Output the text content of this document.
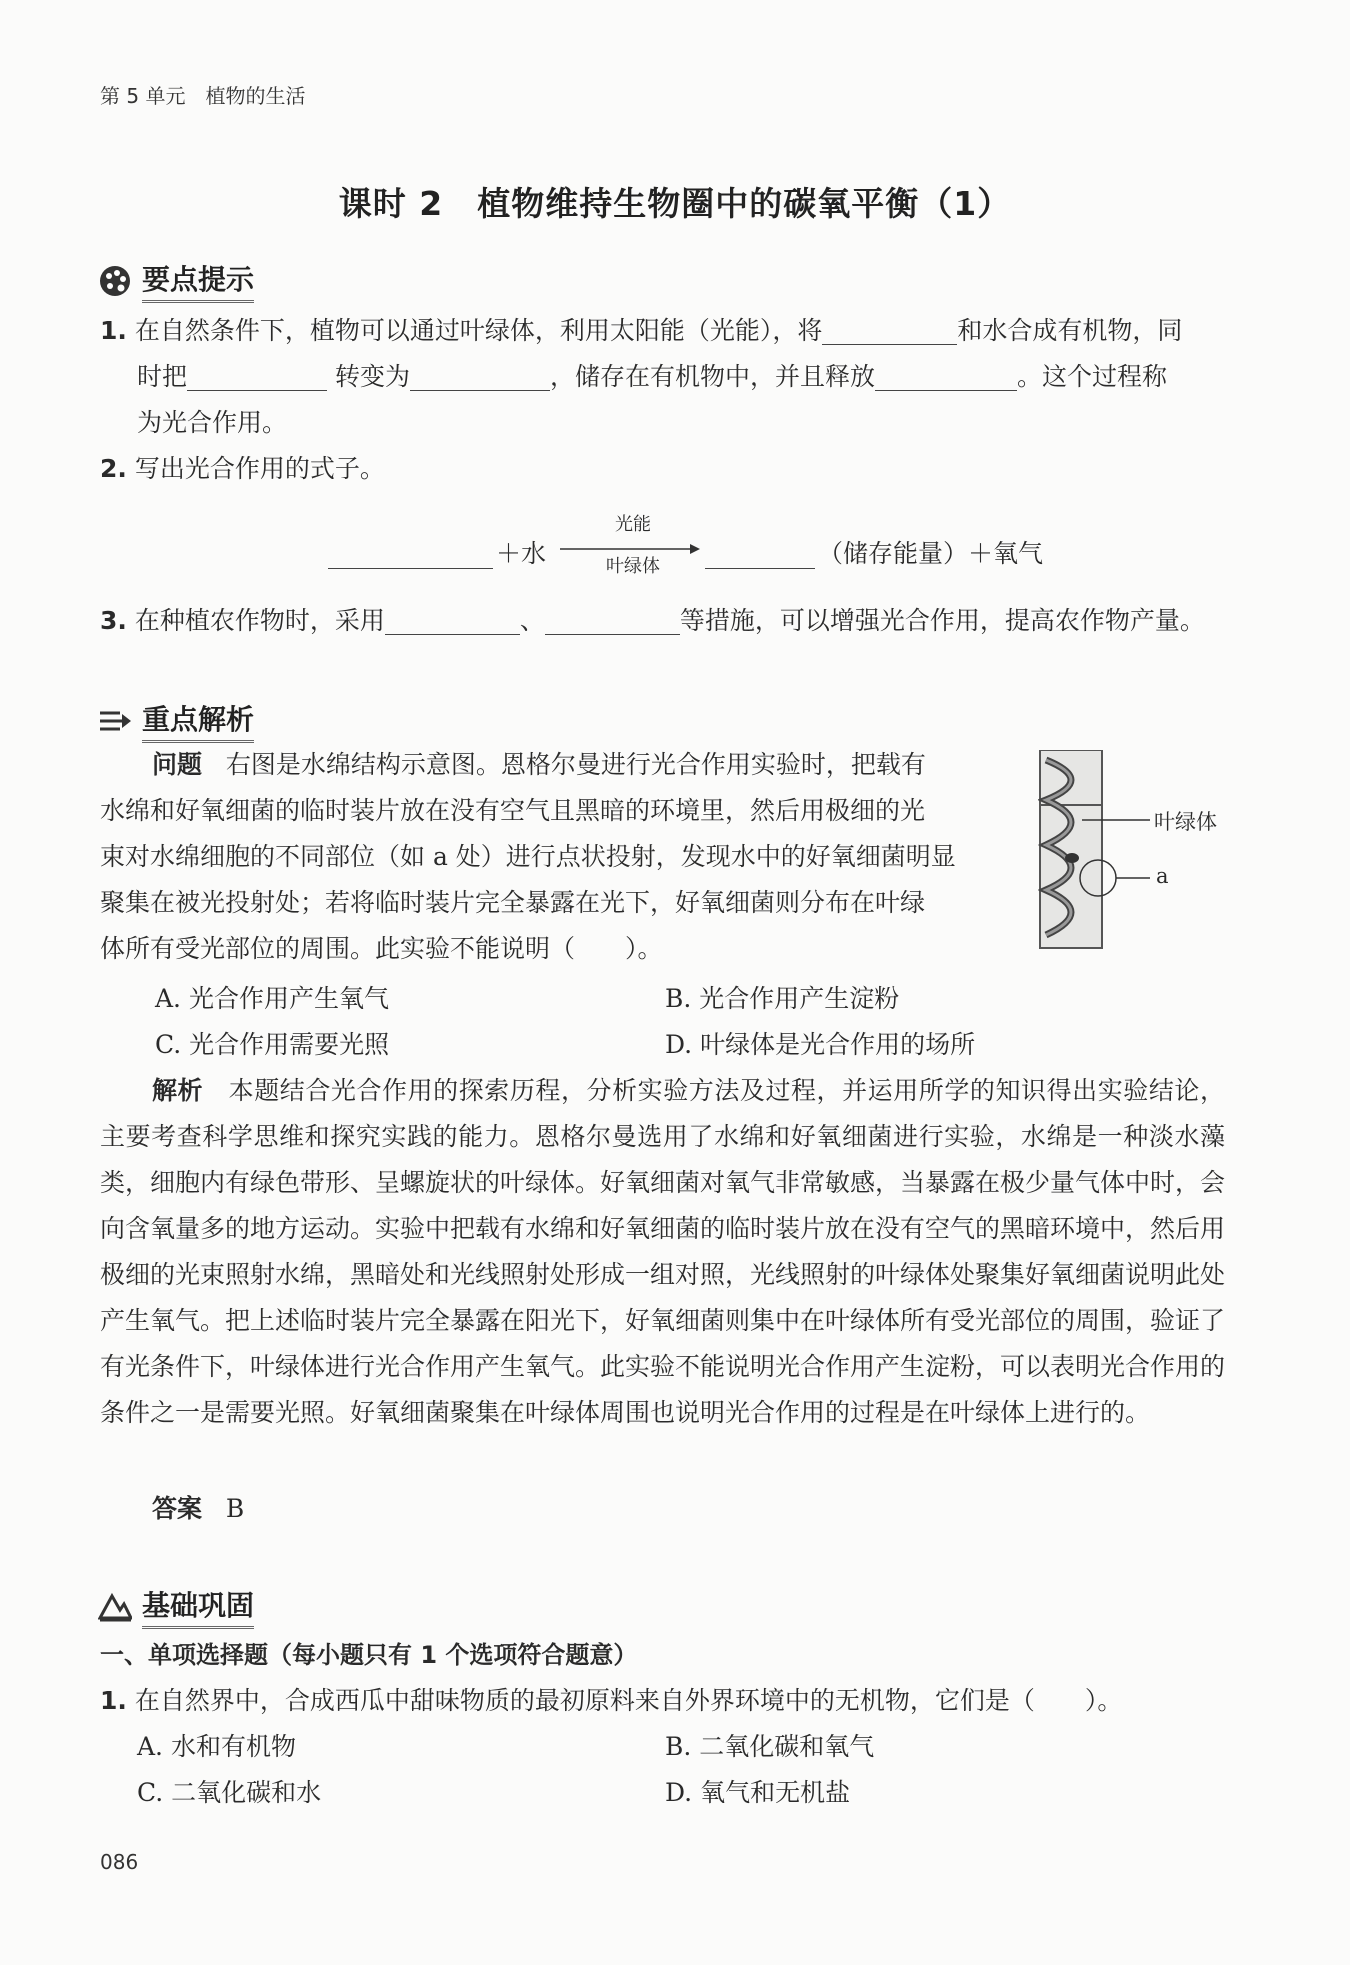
第 5 单元　植物的生活
课时 2　植物维持生物圈中的碳氧平衡（1）
要点提示
1. 在自然条件下，植物可以通过叶绿体，利用太阳能（光能），将	和水合成有机物，同
时把	转变为	，储存在有机物中，并且释放	。这个过程称
为光合作用。
2. 写出光合作用的式子。
＋水
光能
叶绿体	（储存能量）＋氧气
3. 在种植农作物时，采用	、	等措施，可以增强光合作用，提高农作物产量。
重点解析
问题 右图是水绵结构示意图。恩格尔曼进行光合作用实验时，把载有
水绵和好氧细菌的临时装片放在没有空气且黑暗的环境里，然后用极细的光
束对水绵细胞的不同部位（如 a 处）进行点状投射，发现水中的好氧细菌明显
聚集在被光投射处；若将临时装片完全暴露在光下，好氧细菌则分布在叶绿
体所有受光部位的周围。此实验不能说明（　　）。
叶绿体
a
A. 光合作用产生氧气	B. 光合作用产生淀粉
C. 光合作用需要光照	D. 叶绿体是光合作用的场所
解析 本题结合光合作用的探索历程，分析实验方法及过程，并运用所学的知识得出实验结论，主要考查科学思维和探究实践的能力。恩格尔曼选用了水绵和好氧细菌进行实验，水绵是一种淡水藻类，细胞内有绿色带形、呈螺旋状的叶绿体。好氧细菌对氧气非常敏感，当暴露在极少量气体中时，会向含氧量多的地方运动。实验中把载有水绵和好氧细菌的临时装片放在没有空气的黑暗环境中，然后用极细的光束照射水绵，黑暗处和光线照射处形成一组对照，光线照射的叶绿体处聚集好氧细菌说明此处产生氧气。把上述临时装片完全暴露在阳光下，好氧细菌则集中在叶绿体所有受光部位的周围，验证了有光条件下，叶绿体进行光合作用产生氧气。此实验不能说明光合作用产生淀粉，可以表明光合作用的条件之一是需要光照。好氧细菌聚集在叶绿体周围也说明光合作用的过程是在叶绿体上进行的。
答案 B
基础巩固
一、单项选择题（每小题只有 1 个选项符合题意）
1. 在自然界中，合成西瓜中甜味物质的最初原料来自外界环境中的无机物，它们是（　　）。
A. 水和有机物	B. 二氧化碳和氧气
C. 二氧化碳和水	D. 氧气和无机盐
086
